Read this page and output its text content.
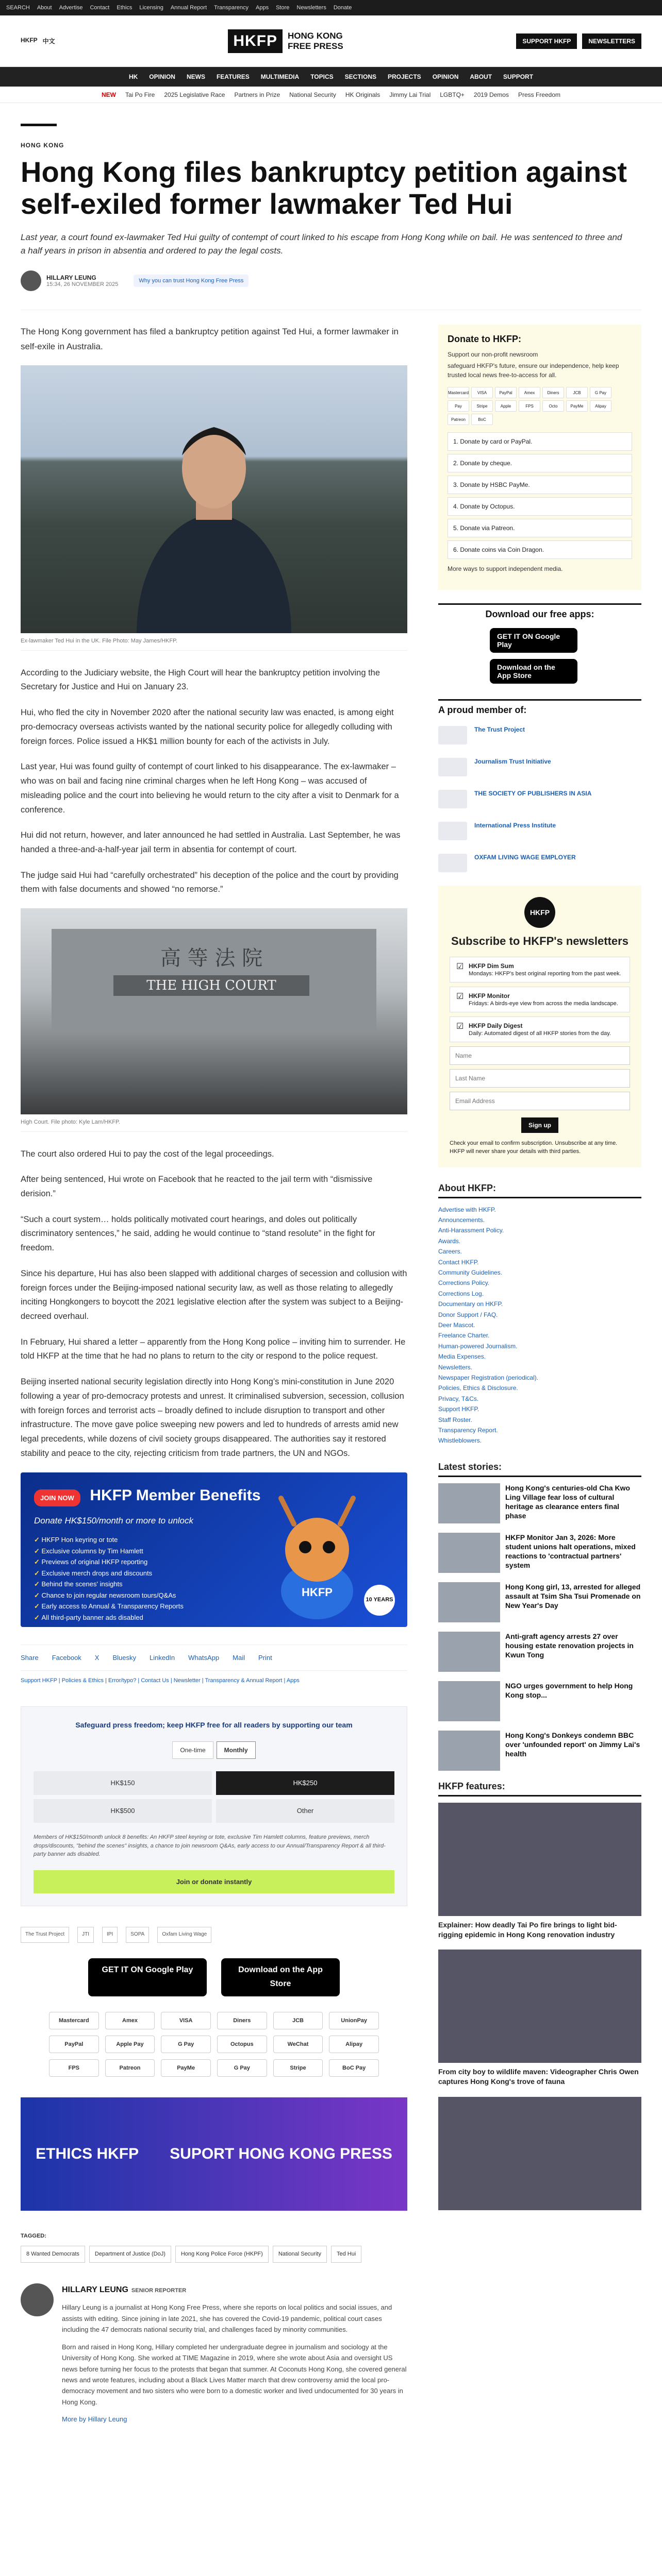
SEARCH About Advertise Contact Ethics Licensing Annual Report Transparency Apps Store Newsletters Donate
HKFP 中文	HKFP	HONG KONG
FREE PRESS	SUPPORT HKFP	NEWSLETTERS
HK OPINION NEWS FEATURES MULTIMEDIA TOPICS SECTIONS PROJECTS OPINION ABOUT SUPPORT
NEW Tai Po Fire 2025 Legislative Race Partners in Prize National Security HK Originals Jimmy Lai Trial LGBTQ+ 2019 Demos Press Freedom
HONG KONG
Hong Kong files bankruptcy petition against self-exiled former lawmaker Ted Hui

Last year, a court found ex-lawmaker Ted Hui guilty of contempt of court linked to his escape from Hong Kong while on bail. He was sentenced to three and a half years in prison in absentia and ordered to pay the legal costs.

HILLARY LEUNG
15:34, 26 NOVEMBER 2025
Why you can trust Hong Kong Free Press

The Hong Kong government has filed a bankruptcy petition against Ted Hui, a former lawmaker in self-exile in Australia.

Ex-lawmaker Ted Hui in the UK. File Photo: May James/HKFP.

According to the Judiciary website, the High Court will hear the bankruptcy petition involving the Secretary for Justice and Hui on January 23.

Hui, who fled the city in November 2020 after the national security law was enacted, is among eight pro-democracy overseas activists wanted by the national security police for allegedly colluding with foreign forces. Police issued a HK$1 million bounty for each of the activists in July.

Last year, Hui was found guilty of contempt of court linked to his disappearance. The ex-lawmaker – who was on bail and facing nine criminal charges when he left Hong Kong – was accused of misleading police and the court into believing he would return to the city after a visit to Denmark for a conference.

Hui did not return, however, and later announced he had settled in Australia. Last September, he was handed a three-and-a-half-year jail term in absentia for contempt of court.

The judge said Hui had “carefully orchestrated” his deception of the police and the court by providing them with false documents and showed “no remorse.”

高 等 法 院
THE HIGH COURT
High Court. File photo: Kyle Lam/HKFP.

The court also ordered Hui to pay the cost of the legal proceedings.

After being sentenced, Hui wrote on Facebook that he reacted to the jail term with “dismissive derision.”

“Such a court system… holds politically motivated court hearings, and doles out politically discriminatory sentences,” he said, adding he would continue to “stand resolute” in the fight for freedom.

Since his departure, Hui has also been slapped with additional charges of secession and collusion with foreign forces under the Beijing-imposed national security law, as well as those relating to allegedly inciting Hongkongers to boycott the 2021 legislative election after the system was subject to a Beijing-decreed overhaul.

In February, Hui shared a letter – apparently from the Hong Kong police – inviting him to surrender. He told HKFP at the time that he had no plans to return to the city or respond to the police request.

Beijing inserted national security legislation directly into Hong Kong’s mini-constitution in June 2020 following a year of pro-democracy protests and unrest. It criminalised subversion, secession, collusion with foreign forces and terrorist acts – broadly defined to include disruption to transport and other infrastructure. The move gave police sweeping new powers and led to hundreds of arrests amid new legal precedents, while dozens of civil society groups disappeared. The authorities say it restored stability and peace to the city, rejecting criticism from trade partners, the UN and NGOs.

JOIN NOW HKFP Member Benefits
Donate HK$150/month or more to unlock
✓ HKFP Hon keyring or tote
✓ Exclusive columns by Tim Hamlett
✓ Previews of original HKFP reporting
✓ Exclusive merch drops and discounts
✓ Behind the scenes' insights
✓ Chance to join regular newsroom tours/Q&As
✓ Early access to Annual & Transparency Reports
✓ All third-party banner ads disabled
HKFP
10 YEARS
Share Facebook X Bluesky LinkedIn WhatsApp Mail Print
Support HKFP | Policies & Ethics | Error/typo? | Contact Us | Newsletter | Transparency & Annual Report | Apps
Safeguard press freedom; keep HKFP free for all readers by supporting our team
One-time	Monthly
HK$150	HK$250
HK$500	Other

Members of HK$150/month unlock 8 benefits: An HKFP steel keyring or tote, exclusive Tim Hamlett columns, feature previews, merch drops/discounts, "behind the scenes" insights, a chance to join newsroom Q&As, early access to our Annual/Transparency Report & all third-party banner ads disabled.

Join or donate instantly
The Trust Project	JTI	IPI	SOPA	Oxfam Living Wage
GET IT ON Google Play	Download on the App Store
Mastercard	Amex	VISA	Diners	JCB	UnionPay
PayPal	Apple Pay	G Pay	Octopus	WeChat	Alipay
FPS	Patreon	PayMe	G Pay	Stripe	BoC Pay
ETHICS HKFP SUPORT HONG KONG PRESS
TAGGED:
8 Wanted Democrats	Department of Justice (DoJ)	Hong Kong Police Force (HKPF)	National Security	Ted Hui
HILLARY LEUNG SENIOR REPORTER

Hillary Leung is a journalist at Hong Kong Free Press, where she reports on local politics and social issues, and assists with editing. Since joining in late 2021, she has covered the Covid-19 pandemic, political court cases including the 47 democrats national security trial, and challenges faced by minority communities.

Born and raised in Hong Kong, Hillary completed her undergraduate degree in journalism and sociology at the University of Hong Kong. She worked at TIME Magazine in 2019, where she wrote about Asia and oversight US news before turning her focus to the protests that began that summer. At Coconuts Hong Kong, she covered general news and wrote features, including about a Black Lives Matter march that drew controversy amid the local pro-democracy movement and two sisters who were born to a domestic worker and lived undocumented for 30 years in Hong Kong.

More by Hillary Leung
Donate to HKFP:
Support our non-profit newsroom

safeguard HKFP's future, ensure our independence, help keep trusted local news free-to-access for all.

Mastercard	VISA	PayPal	Amex	Diners	JCB	G Pay
Pay	Stripe	Apple	FPS	Octo	PayMe	Alipay
Patreon	BoC
1. Donate by card or PayPal.
2. Donate by cheque.
3. Donate by HSBC PayMe.
4. Donate by Octopus.
5. Donate via Patreon.
6. Donate coins via Coin Dragon.
More ways to support independent media.
Download our free apps:
GET IT ON Google Play
Download on the App Store
A proud member of:
The Trust Project
Journalism Trust Initiative
THE SOCIETY OF PUBLISHERS IN ASIA
International Press Institute
OXFAM LIVING WAGE EMPLOYER
HKFP
Subscribe to HKFP's newsletters
☑ HKFP Dim Sum
Mondays: HKFP's best original reporting from the past week.
☑ HKFP Monitor
Fridays: A birds-eye view from across the media landscape.
☑ HKFP Daily Digest
Daily: Automated digest of all HKFP stories from the day.
Name Last Name Email Address Sign up

Check your email to confirm subscription. Unsubscribe at any time. HKFP will never share your details with third parties.

About HKFP:
Advertise with HKFP.
Announcements.
Anti-Harassment Policy.
Awards.
Careers.
Contact HKFP.
Community Guidelines.
Corrections Policy.
Corrections Log.
Documentary on HKFP.
Donor Support / FAQ.
Deer Mascot.
Freelance Charter.
Human-powered Journalism.
Media Expenses.
Newsletters.
Newspaper Registration (periodical).
Policies, Ethics & Disclosure.
Privacy, T&Cs.
Support HKFP.
Staff Roster.
Transparency Report.
Whistleblowers.
Latest stories:
Hong Kong's centuries-old Cha Kwo Ling Village fear loss of cultural heritage as clearance enters final phase
HKFP Monitor Jan 3, 2026: More student unions halt operations, mixed reactions to 'contractual partners' system
Hong Kong girl, 13, arrested for alleged assault at Tsim Sha Tsui Promenade on New Year's Day
Anti-graft agency arrests 27 over housing estate renovation projects in Kwun Tong
NGO urges government to help Hong Kong stop...
Hong Kong's Donkeys condemn BBC over 'unfounded report' on Jimmy Lai's health
HKFP features:
Explainer: How deadly Tai Po fire brings to light bid-rigging epidemic in Hong Kong renovation industry
From city boy to wildlife maven: Videographer Chris Owen captures Hong Kong's trove of fauna
